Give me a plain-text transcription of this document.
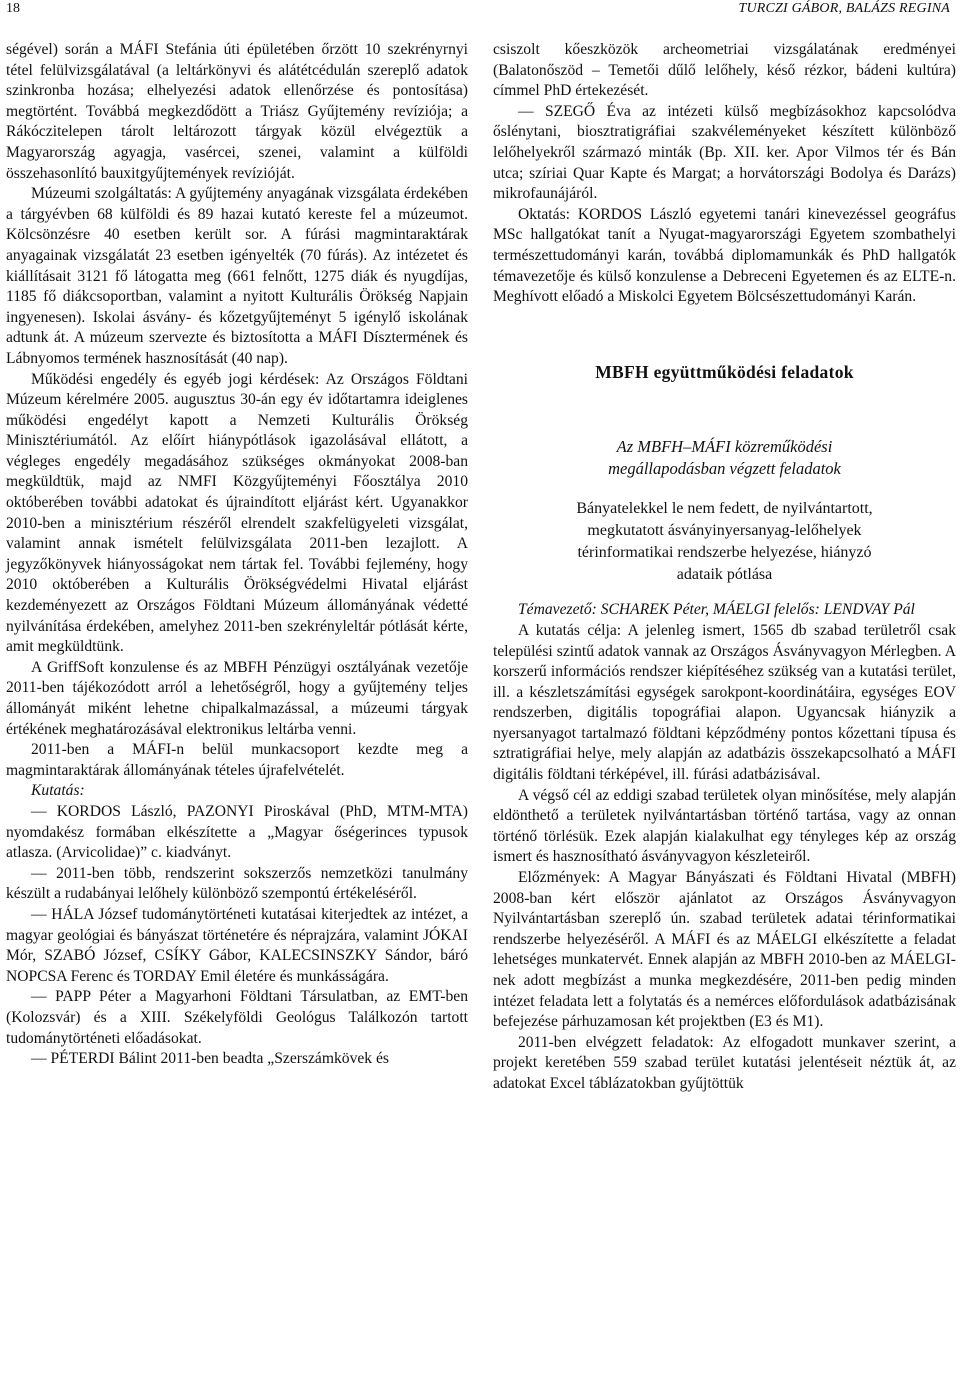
18	TURCZI GÁBOR, BALÁZS REGINA

ségével) során a MÁFI Stefánia úti épületében őrzött 10 szekrényrnyi tétel felülvizsgálatával (a leltárkönyvi és alátétcédulán szereplő adatok szinkronba hozása; elhelyezési adatok ellenőrzése és pontosítása) megtörtént. Továbbá megkezdődött a Triász Gyűjtemény revíziója; a Rákóczitelepen tárolt leltározott tárgyak közül elvégeztük a Magyarország agyagja, vasércei, szenei, valamint a külföldi összehasonlító bauxitgyűjtemények revízióját.

Múzeumi szolgáltatás: A gyűjtemény anyagának vizsgálata érdekében a tárgyévben 68 külföldi és 89 hazai kutató kereste fel a múzeumot. Kölcsönzésre 40 esetben került sor. A fúrási magmintaraktárak anyagainak vizsgálatát 23 esetben igényelték (70 fúrás). Az intézetet és kiállításait 3121 fő látogatta meg (661 felnőtt, 1275 diák és nyugdíjas, 1185 fő diákcsoportban, valamint a nyitott Kulturális Örökség Napjain ingyenesen). Iskolai ásvány- és kőzetgyűjteményt 5 igénylő iskolának adtunk át. A múzeum szervezte és biztosította a MÁFI Dísztermének és Lábnyomos termének hasznosítását (40 nap).

Működési engedély és egyéb jogi kérdések: Az Országos Földtani Múzeum kérelmére 2005. augusztus 30-án egy év időtartamra ideiglenes működési engedélyt kapott a Nemzeti Kulturális Örökség Minisztériumától. Az előírt hiánypótlások igazolásával ellátott, a végleges engedély megadásához szükséges okmányokat 2008-ban megküldtük, majd az NMFI Közgyűjteményi Főosztálya 2010 októberében további adatokat és újraindított eljárást kért. Ugyanakkor 2010-ben a minisztérium részéről elrendelt szakfelügyeleti vizsgálat, valamint annak ismételt felülvizsgálata 2011-ben lezajlott. A jegyzőkönyvek hiányosságokat nem tártak fel. További fejlemény, hogy 2010 októberében a Kulturális Örökségvédelmi Hivatal eljárást kezdeményezett az Országos Földtani Múzeum állományának védetté nyilvánítása érdekében, amelyhez 2011-ben szekrényleltár pótlását kérte, amit megküldtünk.

A GriffSoft konzulense és az MBFH Pénzügyi osztályának vezetője 2011-ben tájékozódott arról a lehetőségről, hogy a gyűjtemény teljes állományát miként lehetne chipalkalmazással, a múzeumi tárgyak értékének meghatározásával elektronikus leltárba venni.

2011-ben a MÁFI-n belül munkacsoport kezdte meg a magmintaraktárak állományának tételes újrafelvételét.

Kutatás:

— KORDOS László, PAZONYI Piroskával (PhD, MTM-MTA) nyomdakész formában elkészítette a „Magyar őségerinces typusok atlasza. (Arvicolidae)” c. kiadványt.

— 2011-ben több, rendszerint sokszerzős nemzetközi tanulmány készült a rudabányai lelőhely különböző szempontú értékeléséről.

— HÁLA József tudománytörténeti kutatásai kiterjedtek az intézet, a magyar geológiai és bányászat történetére és néprajzára, valamint JÓKAI Mór, SZABÓ József, CSÍKY Gábor, KALECSINSZKY Sándor, báró NOPCSA Ferenc és TORDAY Emil életére és munkásságára.

— PAPP Péter a Magyarhoni Földtani Társulatban, az EMT-ben (Kolozsvár) és a XIII. Székelyföldi Geológus Találkozón tartott tudománytörténeti előadásokat.

— PÉTERDI Bálint 2011-ben beadta „Szerszámkövek és

csiszolt kőeszközök archeometriai vizsgálatának eredményei (Balatonőszöd – Temetői dűlő lelőhely, késő rézkor, bádeni kultúra) címmel PhD értekezését.

— SZEGŐ Éva az intézeti külső megbízásokhoz kapcsolódva őslénytani, biosztratigráfiai szakvéleményeket készített különböző lelőhelyekről származó minták (Bp. XII. ker. Apor Vilmos tér és Bán utca; szíriai Quar Kapte és Margat; a horvátországi Bodolya és Darázs) mikrofaunájáról.

Oktatás: KORDOS László egyetemi tanári kinevezéssel geográfus MSc hallgatókat tanít a Nyugat-magyarországi Egyetem szombathelyi természettudományi karán, továbbá diplomamunkák és PhD hallgatók témavezetője és külső konzulense a Debreceni Egyetemen és az ELTE-n. Meghívott előadó a Miskolci Egyetem Bölcsészettudományi Karán.

MBFH együttműködési feladatok
Az MBFH–MÁFI közreműködési
megállapodásban végzett feladatok
Bányatelekkel le nem fedett, de nyilvántartott,
megkutatott ásványinyersanyag-lelőhelyek
térinformatikai rendszerbe helyezése, hiányzó
adataik pótlása

Témavezető: SCHAREK Péter, MÁELGI felelős: LENDVAY Pál

A kutatás célja: A jelenleg ismert, 1565 db szabad területről csak települési szintű adatok vannak az Országos Ásványvagyon Mérlegben. A korszerű információs rendszer kiépítéséhez szükség van a kutatási terület, ill. a készletszámítási egységek sarokpont-koordinátáira, egységes EOV rendszerben, digitális topográfiai alapon. Ugyancsak hiányzik a nyersanyagot tartalmazó földtani képződmény pontos kőzettani típusa és sztratigráfiai helye, mely alapján az adatbázis összekapcsolható a MÁFI digitális földtani térképével, ill. fúrási adatbázisával.

A végső cél az eddigi szabad területek olyan minősítése, mely alapján eldönthető a területek nyilvántartásban történő tartása, vagy az onnan történő törlésük. Ezek alapján kialakulhat egy tényleges kép az ország ismert és hasznosítható ásványvagyon készleteiről.

Előzmények: A Magyar Bányászati és Földtani Hivatal (MBFH) 2008-ban kért először ajánlatot az Országos Ásványvagyon Nyilvántartásban szereplő ún. szabad területek adatai térinformatikai rendszerbe helyezéséről. A MÁFI és az MÁELGI elkészítette a feladat lehetséges munkatervét. Ennek alapján az MBFH 2010-ben az MÁELGI-nek adott megbízást a munka megkezdésére, 2011-ben pedig minden intézet feladata lett a folytatás és a nemérces előfordulások adatbázisának befejezése párhuzamosan két projektben (E3 és M1).

2011-ben elvégzett feladatok: Az elfogadott munkaver szerint, a projekt keretében 559 szabad terület kutatási jelentéseit néztük át, az adatokat Excel táblázatokban gyűjtöttük
